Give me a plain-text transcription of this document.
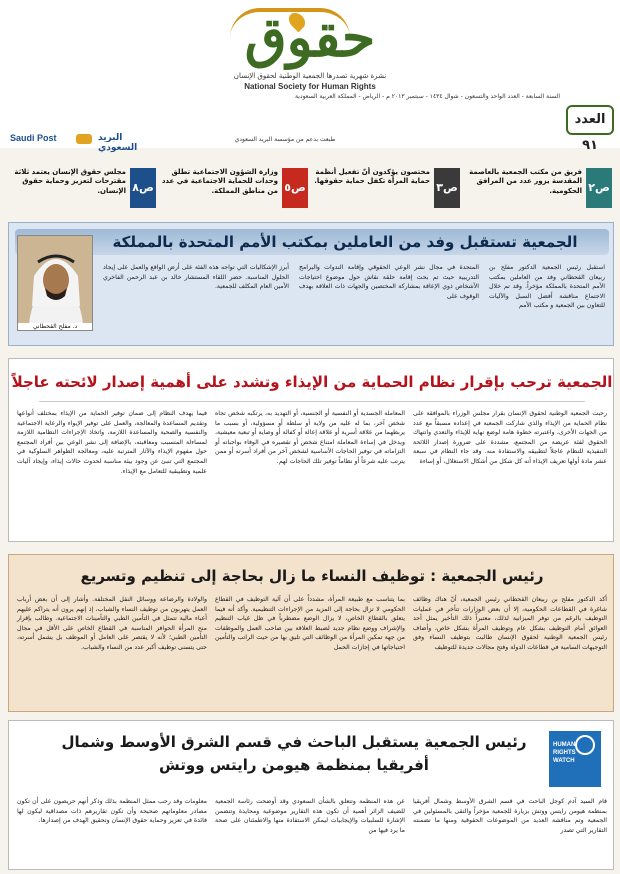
حقوق
نشرة شهرية تصدرها الجمعية الوطنية لحقوق الإنسان
National Society for Human Rights
السنة السابعة - العدد الواحد والتسعون - شوال ١٤٣٤ - سبتمبر ٢٠١٣ م - الرياض - المملكة العربية السعودية
العدد ٩١
Saudi Post	البريد السعودي
طبعت بدعم من مؤسسة البريد السعودي
ص٢
فريق من مكتب الجمعية بالعاصمة المقدسة يزور عدد من المرافق الحكومية.
ص٣
مختصون يؤكدون أنّ تفعيل أنظمة حماية المرأة تكفل حماية حقوقها.
ص٥
وزارة الشؤون الاجتماعية تطلق وحدات للحماية الاجتماعية في عدد من مناطق المملكة.
ص٨
مجلس حقوق الإنسان يعتمد ثلاثة مقترحات لتعزيز وحماية حقوق الإنسان.
الجمعية تستقبل وفد من العاملين بمكتب الأمم المتحدة بالمملكة
د. مفلح القحطاني
استقبل رئيس الجمعية الدكتور مفلح بن ربيعان القحطاني وفد من العاملين بمكتب الأمم المتحدة بالمملكة مؤخراً. وقد تم خلال الاجتماع مناقشة أفضل السبل والآليات للتعاون بين الجمعية و مكتب الأمم
المتحدة في مجال نشر الوعي الحقوقي وإقامة الندوات والبرامج التدريبية حيث تم بحث إقامة حلقة نقاش حول موضوع احتياجات الأشخاص ذوي الإعاقة بمشاركة المختصين والجهات ذات العلاقة بهدف الوقوف على
أبرز الإشكاليات التي تواجه هذه الفئة على أرض الواقع والعمل على إيجاد الحلول المناسبة. حضر اللقاء المستشار خالد بن عبد الرحمن الفاخري الأمين العام المكلف للجمعية.
الجمعية ترحب بإقرار نظام الحماية من الإيذاء وتشدد على أهمية إصدار لائحته عاجلاً
رحبت الجمعية الوطنية لحقوق الإنسان بقرار مجلس الوزراء بالموافقة على نظام الحماية من الإيذاء والذي شاركت الجمعية في إعداده مسبقاً مع عدد من الجهات الأخرى، واعتبرته خطوة هامة لوضع نهاية للإيذاء والتعدي وانتهاك الحقوق لفئة عريضة من المجتمع، مشددة على ضرورة إصدار اللائحة التنفيذية للنظام عاجلاً لتطبيقه والاستفادة منه. وقد جاء النظام في سبعة عشر مادة أولها تعريف الإيذاء أنه كل شكل من أشكال الاستغلال، أو إساءة
المعاملة الجسدية أو النفسية أو الجنسية، أو التهديد به، يرتكبه شخص تجاه شخص آخر، بما له عليه من ولاية أو سلطة أو مسؤولية، أو بسبب ما يربطهما من علاقة أسرية أو علاقة إعالة أو كفالة أو وصاية أو تبعية معيشية، ويدخل في إساءة المعاملة امتناع شخص أو تقصيره في الوفاء بواجباته أو التزاماته في توفير الحاجات الأساسية لشخص آخر من أفراد أسرته أو ممن يترتب عليه شرعاً أو نظاماً توفير تلك الحاجات لهم.
فيما يهدف النظام إلى ضمان توفير الحماية من الإيذاء بمختلف أنواعها وتقديم المساعدة والمعالجة، والعمل على توفير الإيواء والرعاية الاجتماعية والنفسية والصحية والمساعدة اللازمة، واتخاذ الإجراءات النظامية اللازمة لمساءلة المتسبب ومعاقبته، بالإضافة إلى نشر الوعي بين أفراد المجتمع حول مفهوم الإيذاء والآثار المترتبة عليه، ومعالجة الظواهر السلوكية في المجتمع التي تنبئ عن وجود بيئة مناسبة لحدوث حالات إيذاء، وإيجاد آليات علمية وتطبيقية للتعامل مع الإيذاء.
رئيس الجمعية : توظيف النساء ما زال بحاجة إلى تنظيم وتسريع
أكد الدكتور مفلح بن ربيعان القحطاني رئيس الجمعية، أنّ هناك وظائف شاغرة في القطاعات الحكومية، إلا أن بعض الوزارات تتأخر في عمليات التوظيف بالرغم من توفر الميزانية لذلك، معتبراً ذلك التأخير يمثل أحد العوائق أمام التوظيف بشكل عام وتوظيف المرأة بشكل خاص، وأضاف رئيس الجمعية الوطنية لحقوق الإنسان طالبت بتوظيف النساء وفق التوجيهات السامية في قطاعات الدولة وفتح مجالات جديدة للتوظيف
بما يتناسب مع طبيعة المرأة، مشدداً على أن آلية التوظيف في القطاع الحكومي لا تزال بحاجة إلى المزيد من الإجراءات التنظيمية. وأكد أنه فيما يتعلق بالقطاع الخاص، لا يزال الوضع مضطرباً في ظل غياب التنظيم والإشراف ووضع نظام جديد لضبط العلاقة بين صاحب العمل والموظفات من جهة تمكين المرأة من الوظائف التي تليق بها من حيث الراتب والتأمين احتياجاتها في إجازات الحمل
والولادة والرضاعة ووسائل النقل المختلفة. وأشار إلى أن بعض أرباب العمل يتهربون من توظيف النساء والشباب، إذ إنهم يرون أنه يتراكم عليهم أعباء مالية تتمثل في التأمين الطبي والتأمينات الاجتماعية. وطالب بإقرار منح المرأة الحوافز المناسبة في القطاع الخاص على الأقل في مجال التأمين الطبي؛ لأنه لا يقتصر على العامل أو الموظف بل يشمل أسرته، حتى يتسنى توظيف أكبر عدد من النساء والشباب.
رئيس الجمعية يستقبل الباحث في قسم الشرق الأوسط وشمال أفريقيا بمنظمة هيومن رايتس ووتش
HUMAN RIGHTS WATCH
قام السيد آدم كوجل الباحث في قسم الشرق الأوسط وشمال أفريقيا بمنظمة هيومن رايتس ووتش بزيارة للجمعية مؤخراً والتقى بالمسئولين في الجمعية وتم مناقشة العديد من الموضوعات الحقوقية ومنها ما تضمنته التقارير التي تصدر
عن هذه المنظمة وتتعلق بالشأن السعودي وقد أوضحت رئاسة الجمعية للضيف الزائر أهمية أن تكون هذه التقارير موضوعية ومحايدة وتتضمن الإشارة للسلبيات والإيجابيات ليمكن الاستفادة منها والاطمئنان على صحة ما يرد فيها من
معلومات وقد رحب ممثل المنظمة بذلك وذكر أنهم حريصون على أن تكون مصادر معلوماتهم صحيحة وأن تكون تقاريرهم ذات مصداقية ليكون لها فائدة في تعزيز وحماية حقوق الإنسان وتحقيق الهدف من إصدارها.
